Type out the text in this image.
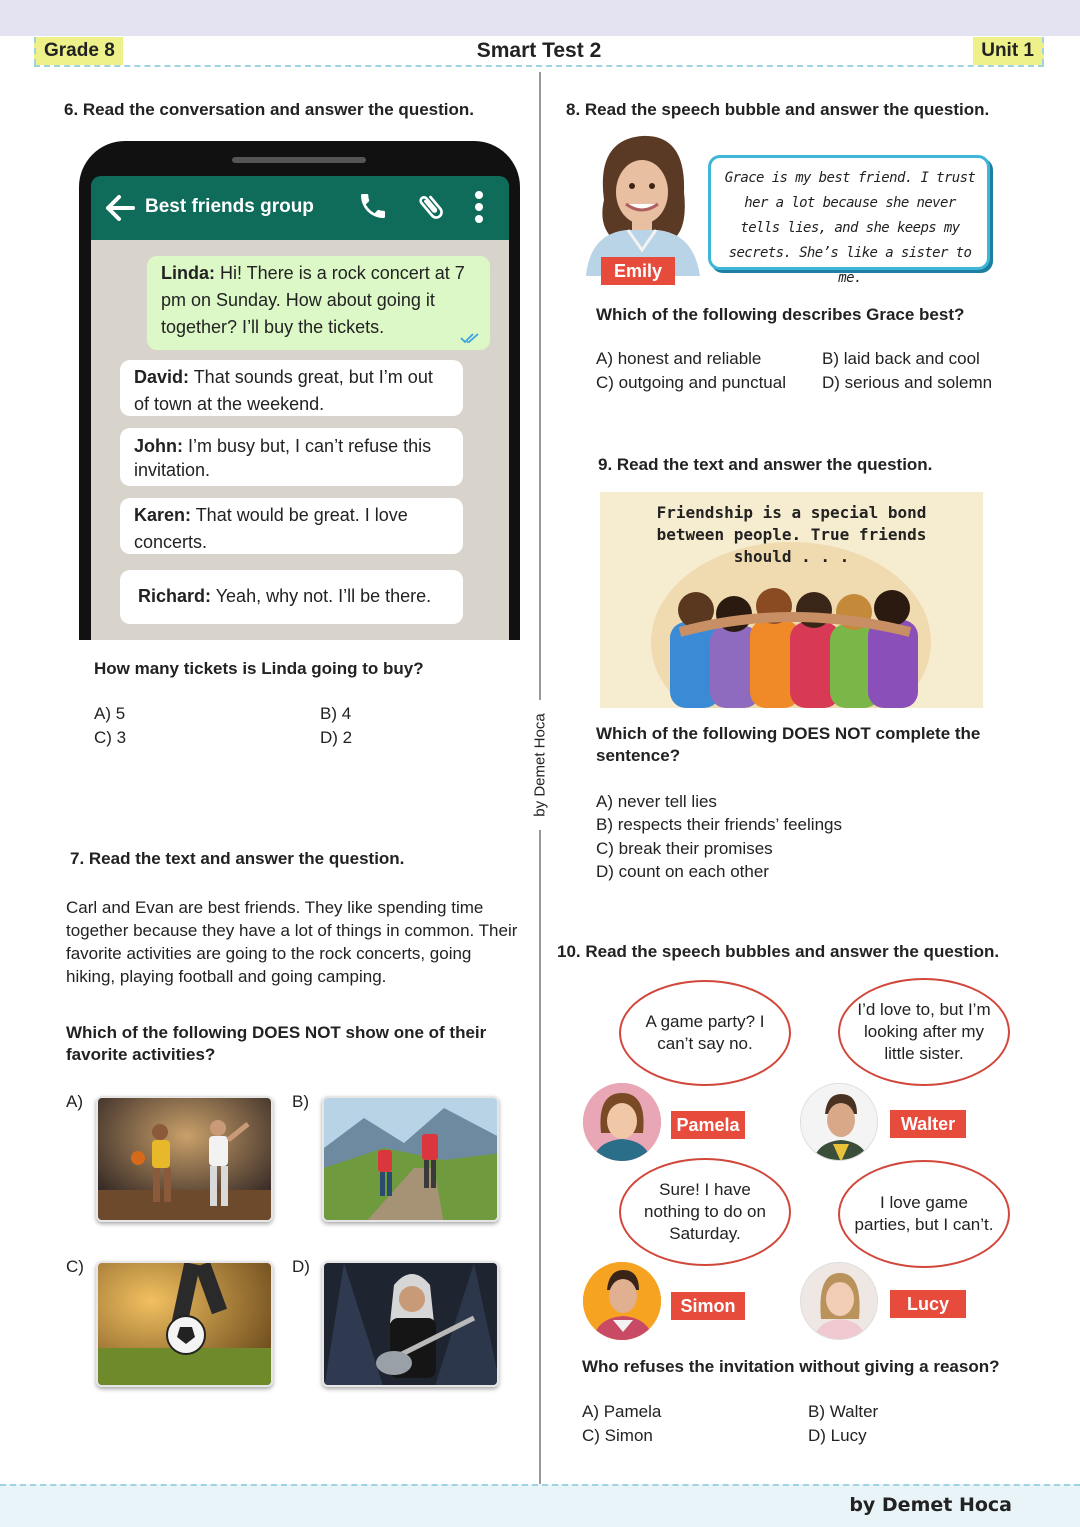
Grade 8	Smart Test 2	Unit 1
by Demet Hoca
6. Read the conversation and answer the question.
Best friends group
Linda: Hi! There is a rock concert at 7 pm on Sunday. How about going it together? I’ll buy the tickets.
David: That sounds great, but I’m out of town at the weekend.
John: I’m busy but, I can’t refuse this invitation.
Karen: That would be great. I love concerts.
Richard: Yeah, why not. I’ll be there.
How many tickets is Linda going to buy?
A) 5	B) 4
C) 3	D) 2
7. Read the text and answer the question.
Carl and Evan are best friends. They like spending time together because they have a lot of things in common. Their favorite activities are going to the rock concerts, going hiking, playing football and going camping.
Which of the following DOES NOT show one of their favorite activities?
A)	B)
C)	D)
8. Read the speech bubble and answer the question.
Emily
Grace is my best friend. I trust her a lot because she never tells lies, and she keeps my secrets. She’s like a sister to me.
Which of the following describes Grace best?
A) honest and reliable	B) laid back and cool
C) outgoing and punctual D) serious and solemn
9. Read the text and answer the question.
Friendship is a special bond between people. True friends should . . .
Which of the following DOES NOT complete the sentence?
A) never tell lies
B) respects their friends’ feelings
C) break their promises
D) count on each other
10. Read the speech bubbles and answer the question.
A game party? I can’t say no.
Pamela
I’d love to, but I’m looking after my little sister.
Walter
Sure! I have nothing to do on Saturday.
Simon
I love game parties, but I can’t.
Lucy
Who refuses the invitation without giving a reason?
A) Pamela	B) Walter
C) Simon	D) Lucy
by Demet Hoca
